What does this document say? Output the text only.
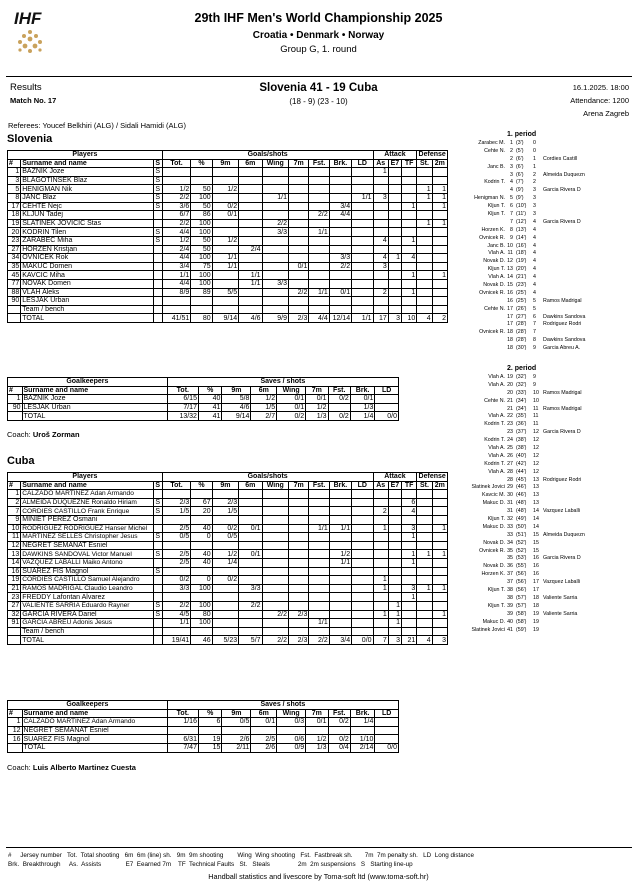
IHF	29th IHF Men's World Championship 2025
Croatia • Denmark • Norway
Group G, 1. round
Results
Match No. 17
Slovenia 41 - 19 Cuba
(18 - 9) (23 - 10)
16.1.2025. 18:00
Attendance: 1200
Arena Zagreb
Referees: Youcef Belkhiri (ALG) / Sidali Hamidi (ALG)
Slovenia
Players			Goals/shots									Attack			Defense	
#	Surname and name	S	Tot.	%	9m	6m	Wing	7m	Fst.	Brk.	LD	As	E7	TF	St.	2m
1	BAZNIK Joze	S										1				
3	BLAGOTINSEK Blaz	S														
5	HENIGMAN Nik	S	1/2	50	1/2										1	1
8	JANC Blaz	S	2/2	100			1/1				1/1	3			1	1
17	CEHTE Nejc	S	3/6	50	0/2					3/4				1		1
18	KLJUN Tadej		6/7	86	0/1				2/2	4/4						
19	SLATINEK JOVICIC Stas		2/2	100			2/2								1	1
20	KODRIN Tilen	S	4/4	100			3/3		1/1							
23	ZARABEC Miha	S	1/2	50	1/2							4		1		
27	HORZEN Kristjan		2/4	50		2/4										
34	OVNICEK Rok		4/4	100	1/1					3/3		4	1	4		
35	MAKUC Domen		3/4	75	1/1			0/1		2/2		3				
45	KAVCIC Miha		1/1	100		1/1								1		1
77	NOVAK Domen		4/4	100		1/1	3/3									
88	VLAH Aleks		8/9	89	5/5			2/2	1/1	0/1		2		1		
90	LESJAK Urban															
	Team / bench															
	TOTAL		41/51	80	9/14	4/6	9/9	2/3	4/4	12/14	1/1	17	3	10	4	2
Goalkeepers		Saves / shots								
#	Surname and name	Tot.	%	9m	6m	Wing	7m	Fst.	Brk.	LD
1	BAZNIK Joze	6/15	40	5/8	1/2	0/1	0/1	0/2	0/1	
90	LESJAK Urban	7/17	41	4/6	1/5	0/1	1/2		1/3	
	TOTAL	13/32	41	9/14	2/7	0/2	1/3	0/2	1/4	0/0
Coach: Uroš Zorman
Cuba
Players			Goals/shots									Attack			Defense	
#	Surname and name	S	Tot.	%	9m	6m	Wing	7m	Fst.	Brk.	LD	As	E7	TF	St.	2m
1	CALZADO MARTINEZ Adan Armando															
2	ALMEIDA DUQUEZNE Ronaldo Hiriam	S	2/3	67	2/3									6		
7	CORDIES CASTILLO Frank Enrique	S	1/5	20	1/5							2		4		
9	MINIET PEREZ Osmani															
10	RODRIGUEZ RODRIGUEZ Hanser Michel		2/5	40	0/2	0/1			1/1	1/1		1		3		1
11	MARTINEZ SELLES Christopher Jesus	S	0/5	0	0/5									1		
12	NEGRET SEMANAT Esniel															
13	DAWKINS SANDOVAL Victor Manuel	S	2/5	40	1/2	0/1				1/2				1	1	1
14	VAZQUEZ LABALLI Maiko Antono		2/5	40	1/4					1/1				1		
16	SUAREZ FIS Magnol	S														
19	CORDIES CASTILLO Samuel Alejandro		0/2	0	0/2							1				
21	RAMOS MADRIGAL Claudio Leandro		3/3	100		3/3						1		3	1	1
23	FREDDY Lafontan Alvarez													1		
27	VALIENTE SARRIA Eduardo Rayner	S	2/2	100		2/2							1			
32	GARCIA RIVERA Dariel	S	4/5	80			2/2	2/3				1	1			1
91	GARCIA ABREU Adonis Jesus		1/1	100					1/1				1			
	Team / bench															
	TOTAL		19/41	46	5/23	5/7	2/2	2/3	2/2	3/4	0/0	7	3	21	4	3
Goalkeepers		Saves / shots								
#	Surname and name	Tot.	%	9m	6m	Wing	7m	Fst.	Brk.	LD
1	CALZADO MARTINEZ Adan Armando	1/16	6	0/5	0/1	0/3	0/1	0/2	1/4	
12	NEGRET SEMANAT Esniel									
16	SUAREZ FIS Magnol	6/31	19	2/6	2/5	0/6	1/2	0/2	1/10	
	TOTAL	7/47	15	2/11	2/6	0/9	1/3	0/4	2/14	0/0
Coach: Luis Alberto Martinez Cuesta
1. period
Zarabec M. 1 (3') 0
Cehte N. 2 (5') 0
2 (6') 1 Cordies Castill
Janc B. 3 (6') 1
3 (6') 2 Almeida Duquezn
Kodrin T. 4 (7') 2
4 (9') 3 Garcia Rivera D
Henigman N. 5 (9') 3
Kljun T. 6 (10') 3
Kljun T. 7 (11') 3
7 (12') 4 Garcia Rivera D
Horzen K. 8 (13') 4
Ovnicek R. 9 (14') 4
Janc B. 10 (16') 4
Vlah A. 11 (18') 4
Novak D. 12 (19') 4
Kljun T. 13 (20') 4
Vlah A. 14 (21') 4
Novak D. 15 (23') 4
Ovnicek R. 16 (25') 4
16 (25') 5 Ramos Madrigal
Cehte N. 17 (26') 5
17 (27') 6 Dawkins Sandova
17 (28') 7 Rodriguez Rodri
Ovnicek R. 18 (28') 7
18 (28') 8 Dawkins Sandova
18 (30') 9 Garcia Abreu A.
2. period
Vlah A. 19 (32') 9
Vlah A. 20 (32') 9
20 (33') 10 Ramos Madrigal
Cehte N. 21 (34') 10
21 (34') 11 Ramos Madrigal
Vlah A. 22 (35') 11
Kodrin T. 23 (36') 11
23 (37') 12 Garcia Rivera D
Kodrin T. 24 (38') 12
Vlah A. 25 (38') 12
Vlah A. 26 (40') 12
Kodrin T. 27 (42') 12
Vlah A. 28 (44') 12
28 (45') 13 Rodriguez Rodri
Slatinek Jovici 29 (46') 13
Kavcic M. 30 (46') 13
Makuc D. 31 (48') 13
31 (48') 14 Vazquez Laballi
Kljun T. 32 (49') 14
Makuc D. 33 (50') 14
33 (51') 15 Almeida Duquezn
Novak D. 34 (52') 15
Ovnicek R. 35 (52') 15
35 (53') 16 Garcia Rivera D
Novak D. 36 (55') 16
Horzen K. 37 (56') 16
37 (56') 17 Vazquez Laballi
Kljun T. 38 (56') 17
38 (57') 18 Valiente Sarria
Kljun T. 39 (57') 18
39 (58') 19 Valiente Sarria
Makuc D. 40 (58') 19
Slatinek Jovici 41 (59') 19
#     Jersey number   Tot.  Total shooting   6m  6m (line) sh.   9m  9m shooting        Wing  Wing shooting   Fst.  Fastbreak sh.       7m  7m penalty sh.   LD  Long distance
Brk.  Breakthrough     As.  Assists              E7  Eearned 7m    TF  Technical Faults   St.   Steals                2m  2m suspensions   S   Starting line-up
Handball statistics and livescore by Toma-soft ltd (www.toma-soft.hr)
